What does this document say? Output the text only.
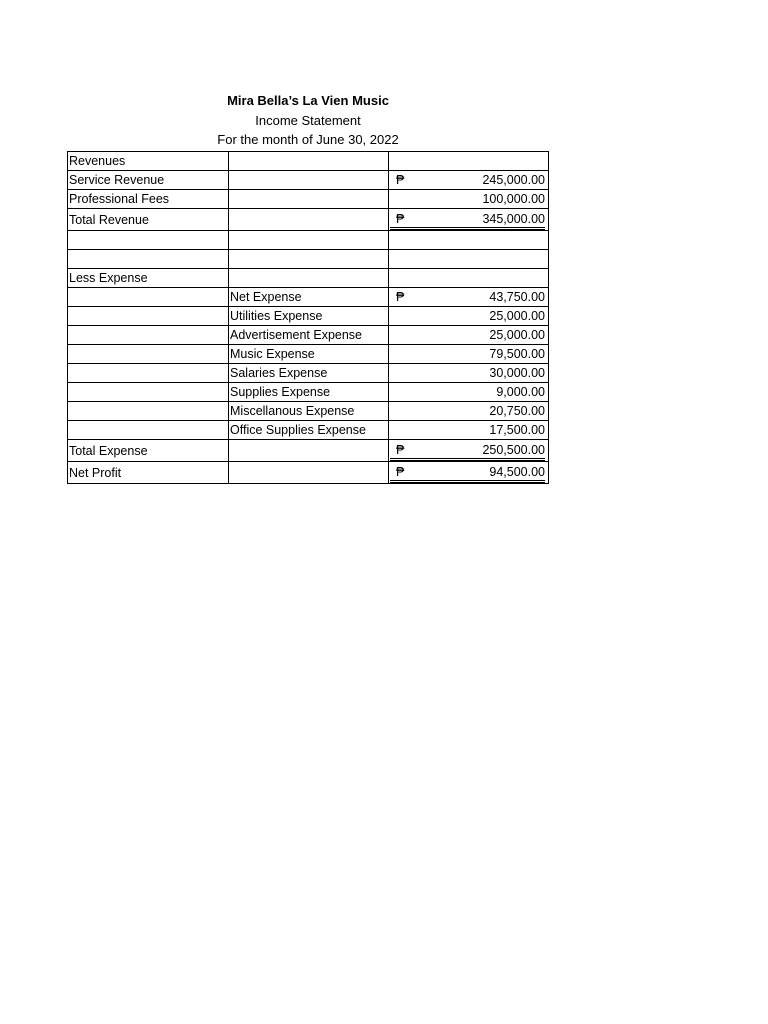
Mira Bella’s La Vien Music
Income Statement
For the month of June 30, 2022
Revenues		
Service Revenue		₱ 245,000.00

Professional Fees		100,000.00
Total Revenue		₱ 345,000.00

Less Expense		
	Net Expense	₱ 43,750.00

	Utilities Expense	25,000.00
	Advertisement Expense	25,000.00
	Music Expense	79,500.00
	Salaries Expense	30,000.00
	Supplies Expense	9,000.00
	Miscellanous Expense	20,750.00
	Office Supplies Expense	17,500.00
Total Expense		₱ 250,500.00

Net Profit		₱ 94,500.00
